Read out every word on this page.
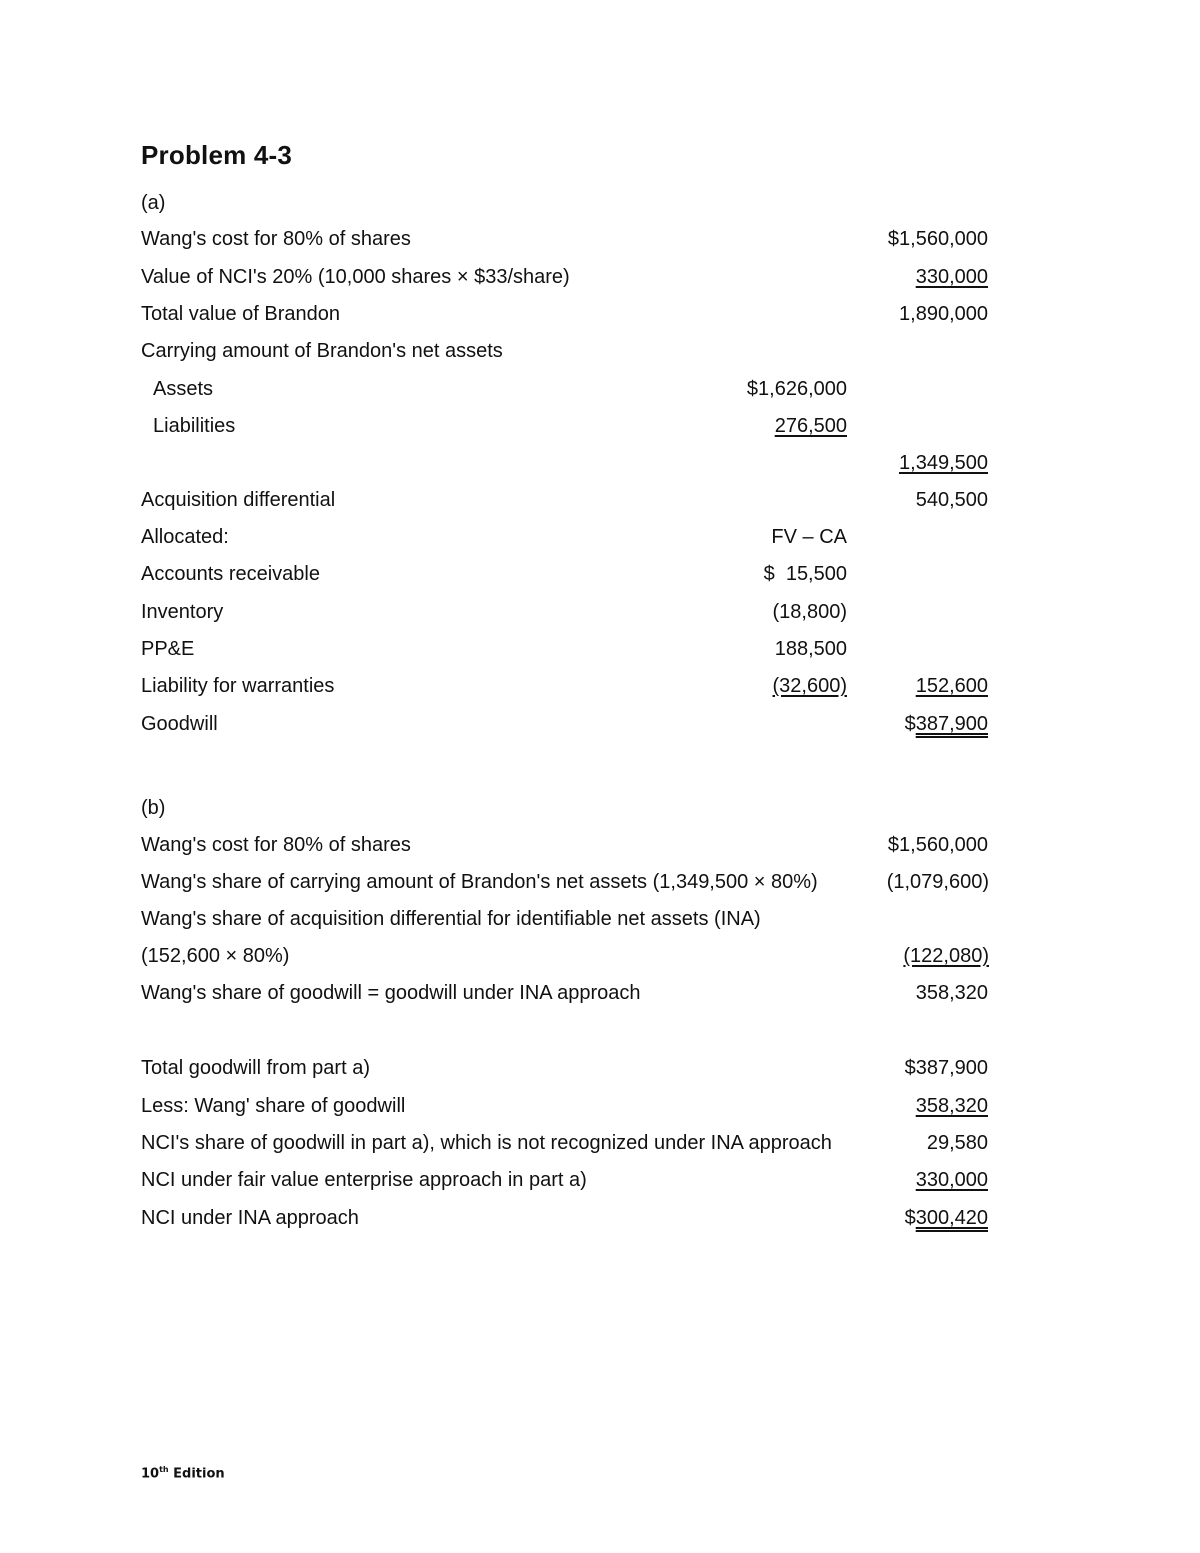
Problem 4-3
(a)
Wang's cost for 80% of shares	$1,560,000
Value of NCI's 20% (10,000 shares × $33/share)	330,000
Total value of Brandon	1,890,000
Carrying amount of Brandon's net assets
Assets	$1,626,000
Liabilities	276,500
1,349,500
Acquisition differential	540,500
Allocated:	FV – CA
Accounts receivable	$  15,500
Inventory	(18,800)
PP&E	188,500
Liability for warranties	(32,600)	152,600
Goodwill	$387,900
(b)
Wang's cost for 80% of shares	$1,560,000
Wang's share of carrying amount of Brandon's net assets (1,349,500 × 80%)	(1,079,600)
Wang's share of acquisition differential for identifiable net assets (INA)
(152,600 × 80%)	(122,080)
Wang's share of goodwill = goodwill under INA approach	358,320
Total goodwill from part a)	$387,900
Less: Wang' share of goodwill	358,320
NCI's share of goodwill in part a), which is not recognized under INA approach	29,580
NCI under fair value enterprise approach in part a)	330,000
NCI under INA approach	$300,420
10th Edition
